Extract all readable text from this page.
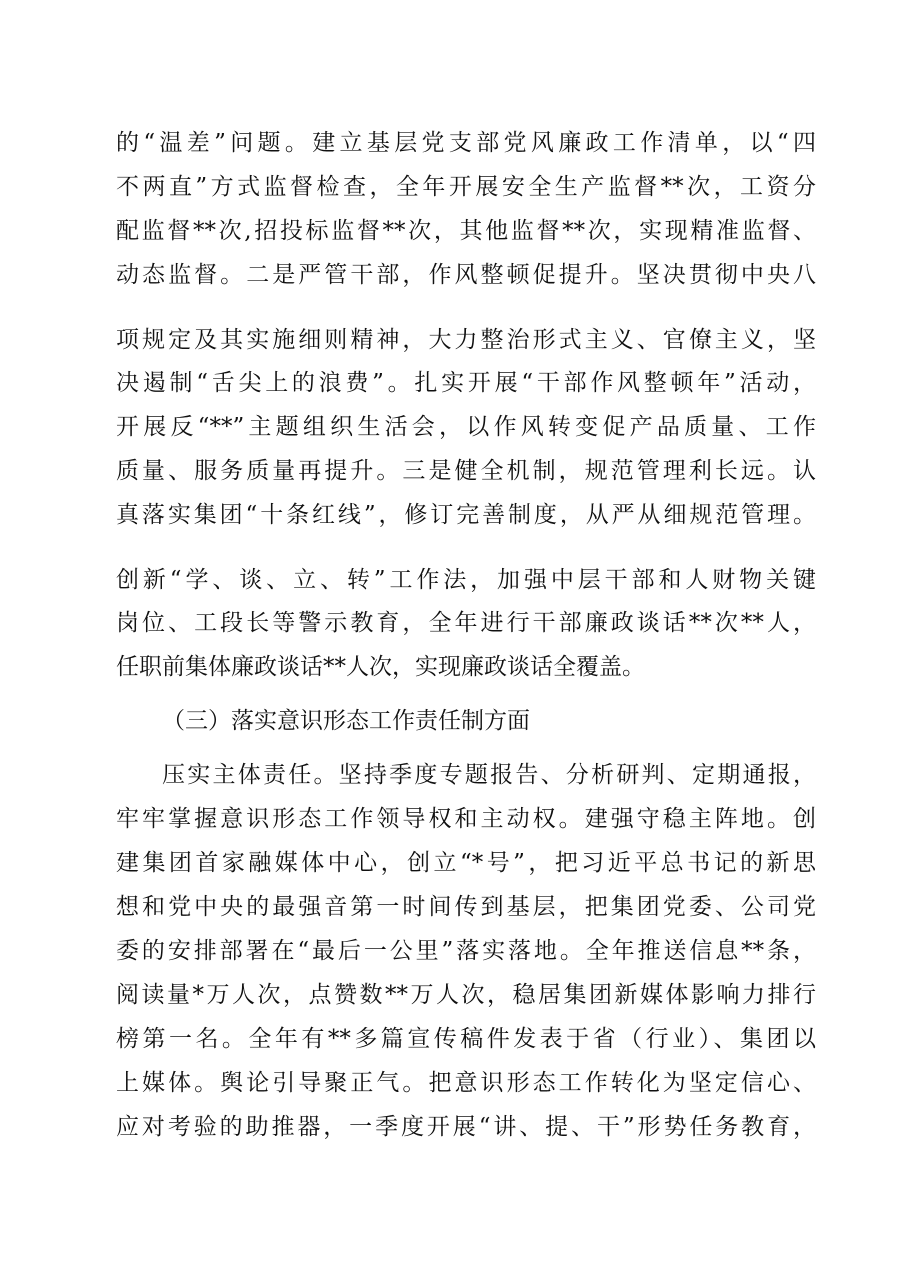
的“温差”问题。建立基层党支部党风廉政工作清单，以“四
不两直”方式监督检查，全年开展安全生产监督**次，工资分
配监督**次,招投标监督**次，其他监督**次，实现精准监督、
动态监督。二是严管干部，作风整顿促提升。坚决贯彻中央八
项规定及其实施细则精神，大力整治形式主义、官僚主义，坚
决遏制“舌尖上的浪费”。扎实开展“干部作风整顿年”活动，
开展反“**”主题组织生活会，以作风转变促产品质量、工作
质量、服务质量再提升。三是健全机制，规范管理利长远。认
真落实集团“十条红线”，修订完善制度，从严从细规范管理。
创新“学、谈、立、转”工作法，加强中层干部和人财物关键
岗位、工段长等警示教育，全年进行干部廉政谈话**次**人，
任职前集体廉政谈话**人次，实现廉政谈话全覆盖。
（三）落实意识形态工作责任制方面
压实主体责任。坚持季度专题报告、分析研判、定期通报，
牢牢掌握意识形态工作领导权和主动权。建强守稳主阵地。创
建集团首家融媒体中心，创立“*号”，把习近平总书记的新思
想和党中央的最强音第一时间传到基层，把集团党委、公司党
委的安排部署在“最后一公里”落实落地。全年推送信息**条，
阅读量*万人次，点赞数**万人次，稳居集团新媒体影响力排行
榜第一名。全年有**多篇宣传稿件发表于省（行业）、集团以
上媒体。舆论引导聚正气。把意识形态工作转化为坚定信心、
应对考验的助推器，一季度开展“讲、提、干”形势任务教育，
